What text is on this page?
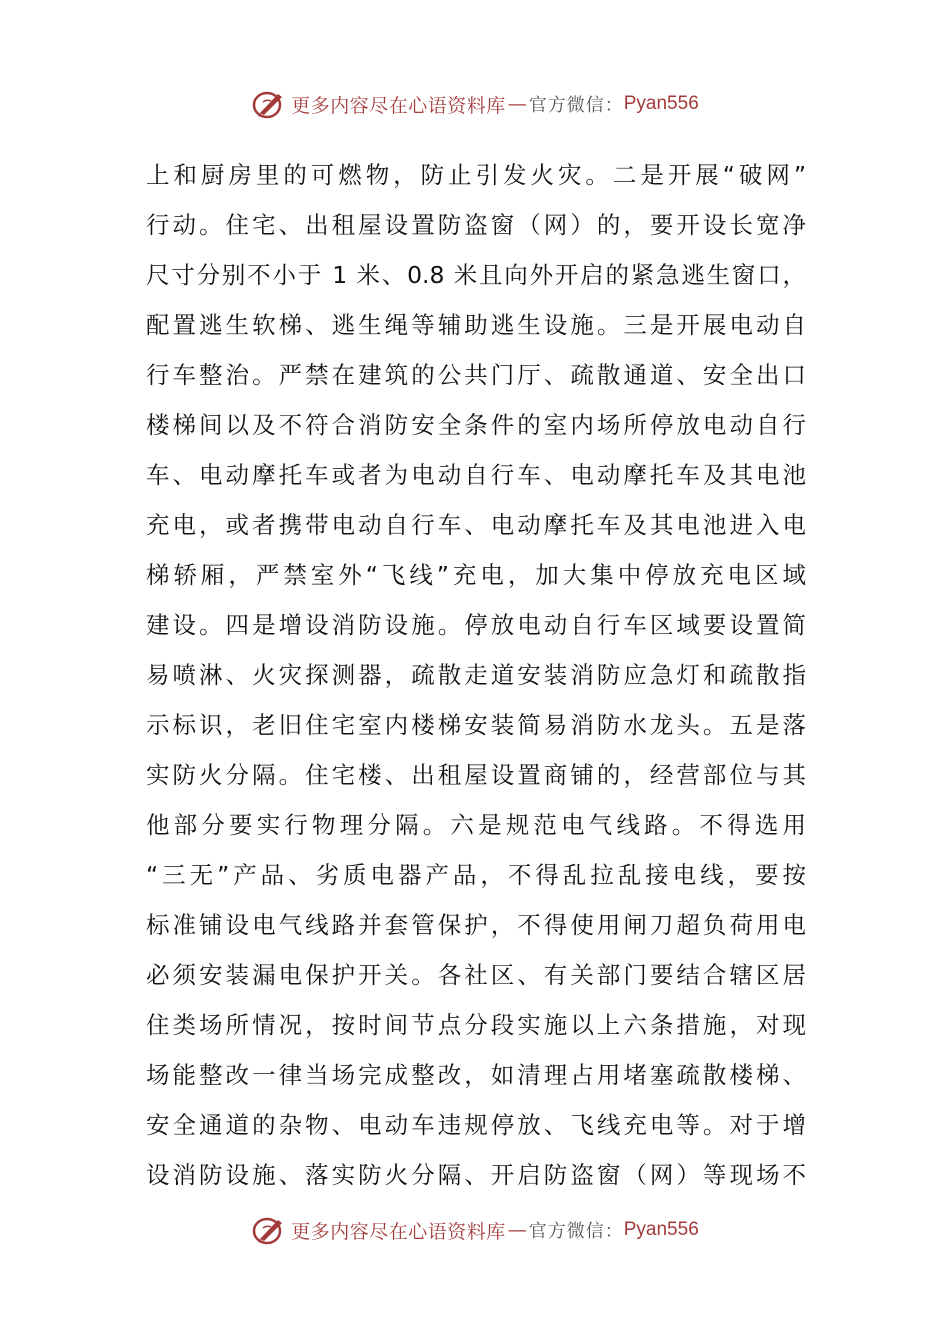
更多内容尽在心语资料库 — 官方微信： Pyan556
上和厨房里的可燃物，防止引发火灾。二是开展“破网”
行动。住宅、出租屋设置防盗窗（网）的，要开设长宽净
尺寸分别不小于 1 米、0.8 米且向外开启的紧急逃生窗口，
配置逃生软梯、逃生绳等辅助逃生设施。三是开展电动自
行车整治。严禁在建筑的公共门厅、疏散通道、安全出口
楼梯间以及不符合消防安全条件的室内场所停放电动自行
车、电动摩托车或者为电动自行车、电动摩托车及其电池
充电，或者携带电动自行车、电动摩托车及其电池进入电
梯轿厢，严禁室外“飞线”充电，加大集中停放充电区域
建设。四是增设消防设施。停放电动自行车区域要设置简
易喷淋、火灾探测器，疏散走道安装消防应急灯和疏散指
示标识，老旧住宅室内楼梯安装简易消防水龙头。五是落
实防火分隔。住宅楼、出租屋设置商铺的，经营部位与其
他部分要实行物理分隔。六是规范电气线路。不得选用
“三无”产品、劣质电器产品，不得乱拉乱接电线，要按
标准铺设电气线路并套管保护，不得使用闸刀超负荷用电
必须安装漏电保护开关。各社区、有关部门要结合辖区居
住类场所情况，按时间节点分段实施以上六条措施，对现
场能整改一律当场完成整改，如清理占用堵塞疏散楼梯、
安全通道的杂物、电动车违规停放、飞线充电等。对于增
设消防设施、落实防火分隔、开启防盗窗（网）等现场不
更多内容尽在心语资料库 — 官方微信： Pyan556
